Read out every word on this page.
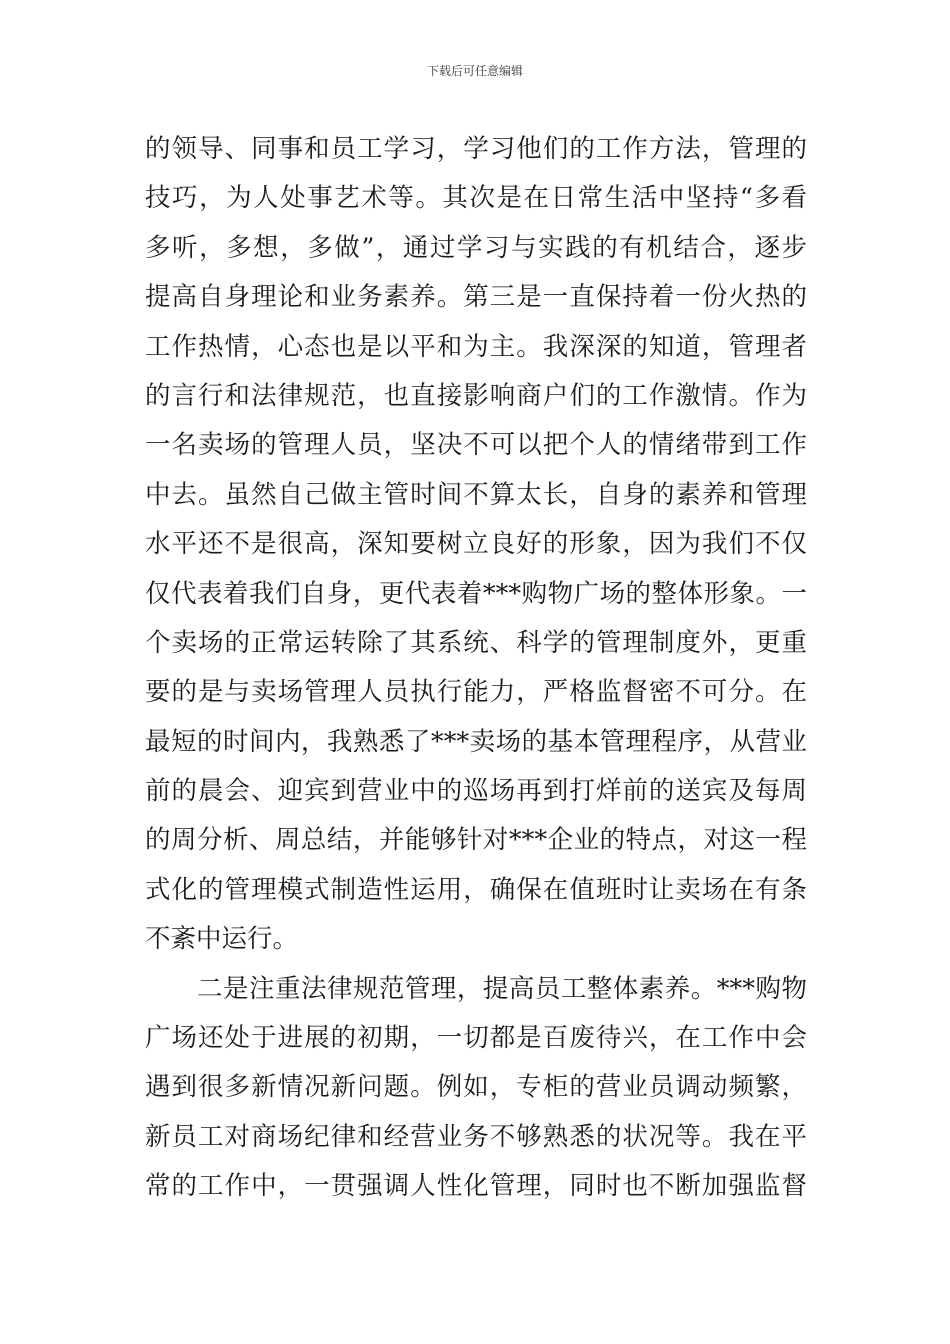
下载后可任意编辑
的领导、同事和员工学习，学习他们的工作方法，管理的
技巧，为人处事艺术等。其次是在日常生活中坚持“多看
多听，多想，多做”，通过学习与实践的有机结合，逐步
提高自身理论和业务素养。第三是一直保持着一份火热的
工作热情，心态也是以平和为主。我深深的知道，管理者
的言行和法律规范，也直接影响商户们的工作激情。作为
一名卖场的管理人员，坚决不可以把个人的情绪带到工作
中去。虽然自己做主管时间不算太长，自身的素养和管理
水平还不是很高，深知要树立良好的形象，因为我们不仅
仅代表着我们自身，更代表着***购物广场的整体形象。一
个卖场的正常运转除了其系统、科学的管理制度外，更重
要的是与卖场管理人员执行能力，严格监督密不可分。在
最短的时间内，我熟悉了***卖场的基本管理程序，从营业
前的晨会、迎宾到营业中的巡场再到打烊前的送宾及每周
的周分析、周总结，并能够针对***企业的特点，对这一程
式化的管理模式制造性运用，确保在值班时让卖场在有条
不紊中运行。
二是注重法律规范管理，提高员工整体素养。***购物
广场还处于进展的初期，一切都是百废待兴，在工作中会
遇到很多新情况新问题。例如，专柜的营业员调动频繁，
新员工对商场纪律和经营业务不够熟悉的状况等。我在平
常的工作中，一贯强调人性化管理，同时也不断加强监督
